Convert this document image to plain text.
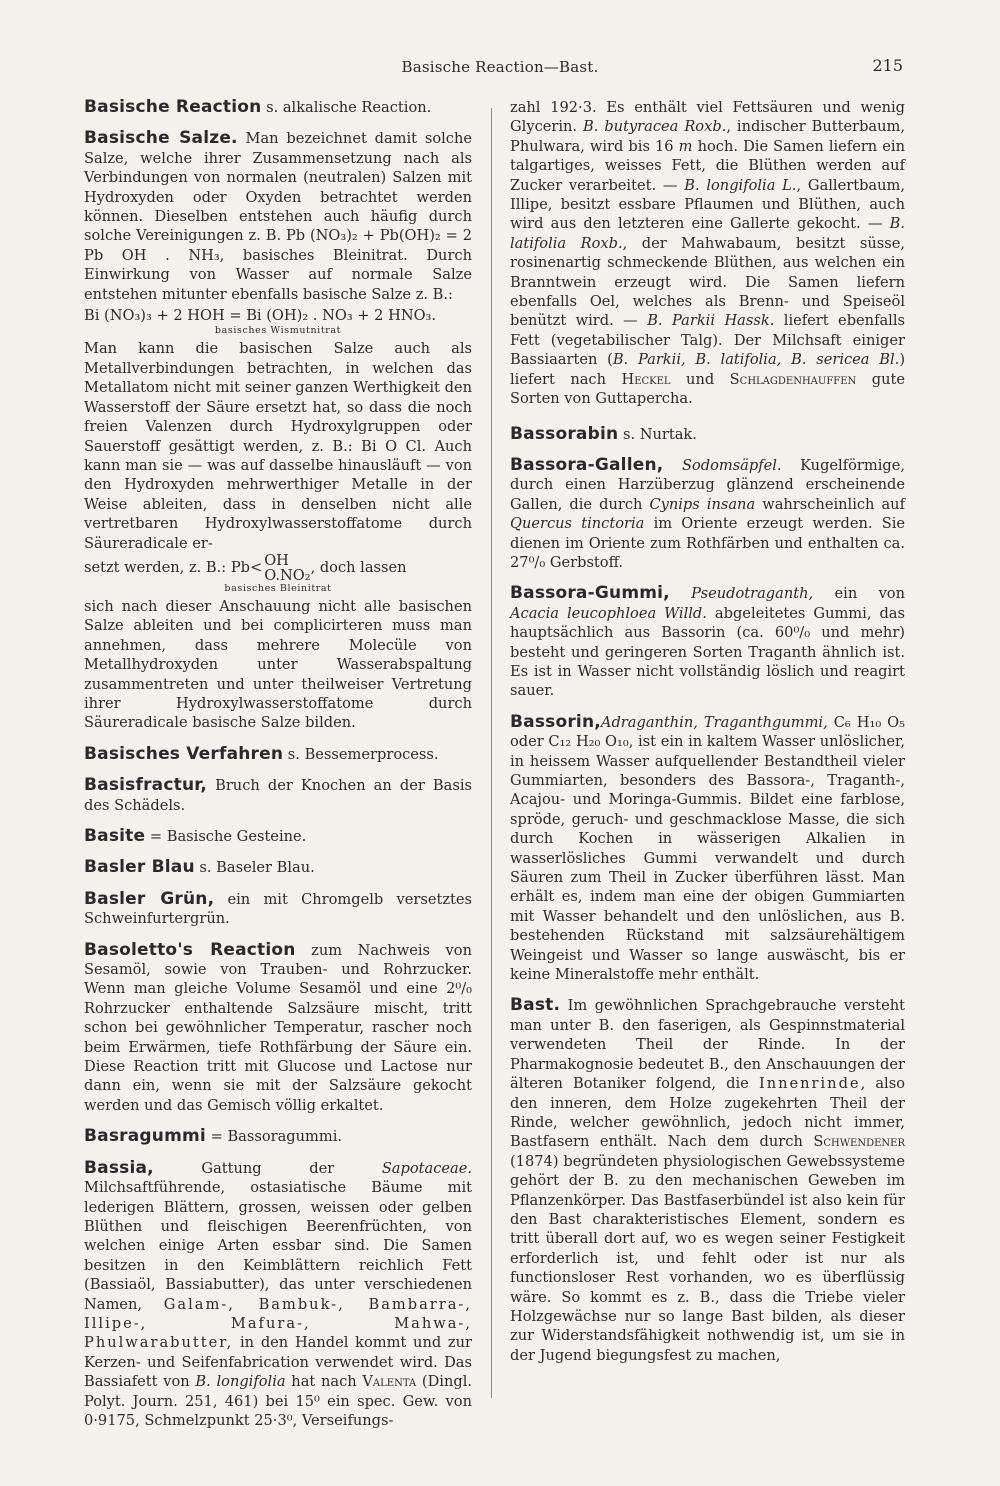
Basische Reaction—Bast.	215

Basische Reaction s. alkalische Reaction.

Basische Salze. Man bezeichnet damit solche Salze, welche ihrer Zusammensetzung nach als Verbindungen von normalen (neutralen) Salzen mit Hydroxyden oder Oxyden betrachtet werden können. Dieselben entstehen auch häufig durch solche Vereinigungen z. B. Pb (NO₃)₂ + Pb(OH)₂ = 2 Pb OH . NH₃, basisches Bleinitrat. Durch Einwirkung von Wasser auf normale Salze entstehen mitunter ebenfalls basische Salze z. B.:

Bi (NO₃)₃ + 2 HOH = Bi (OH)₂ . NO₃ + 2 HNO₃.
basisches Wismutnitrat

Man kann die basischen Salze auch als Metallverbindungen betrachten, in welchen das Metallatom nicht mit seiner ganzen Werthigkeit den Wasserstoff der Säure ersetzt hat, so dass die noch freien Valenzen durch Hydroxylgruppen oder Sauerstoff gesättigt werden, z. B.: Bi O Cl. Auch kann man sie — was auf dasselbe hinausläuft — von den Hydroxyden mehrwerthiger Metalle in der Weise ableiten, dass in denselben nicht alle vertretbaren Hydroxylwasserstoffatome durch Säureradicale er-

setzt werden, z. B.: Pb< OH
O.NO₂ , doch lassen
basisches Bleinitrat

sich nach dieser Anschauung nicht alle basischen Salze ableiten und bei complicirteren muss man annehmen, dass mehrere Molecüle von Metallhydroxyden unter Wasserabspaltung zusammentreten und unter theilweiser Vertretung ihrer Hydroxylwasserstoffatome durch Säureradicale basische Salze bilden.

Basisches Verfahren s. Bessemerprocess.

Basisfractur, Bruch der Knochen an der Basis des Schädels.

Basite = Basische Gesteine.

Basler Blau s. Baseler Blau.

Basler Grün, ein mit Chromgelb versetztes Schweinfurtergrün.

Basoletto's Reaction zum Nachweis von Sesamöl, sowie von Trauben- und Rohrzucker. Wenn man gleiche Volume Sesamöl und eine 2⁰/₀ Rohrzucker enthaltende Salzsäure mischt, tritt schon bei gewöhnlicher Temperatur, rascher noch beim Erwärmen, tiefe Rothfärbung der Säure ein. Diese Reaction tritt mit Glucose und Lactose nur dann ein, wenn sie mit der Salzsäure gekocht werden und das Gemisch völlig erkaltet.

Basragummi = Bassoragummi.

Bassia, Gattung der Sapotaceae. Milchsaftführende, ostasiatische Bäume mit lederigen Blättern, grossen, weissen oder gelben Blüthen und fleischigen Beerenfrüchten, von welchen einige Arten essbar sind. Die Samen besitzen in den Keimblättern reichlich Fett (Bassiaöl, Bassiabutter), das unter verschiedenen Namen, Galam-, Bambuk-, Bambarra-, Illipe-, Mafura-, Mahwa-, Phulwarabutter, in den Handel kommt und zur Kerzen- und Seifenfabrication verwendet wird. Das Bassiafett von B. longifolia hat nach Valenta (Dingl. Polyt. Journ. 251, 461) bei 15⁰ ein spec. Gew. von 0·9175, Schmelzpunkt 25·3⁰, Verseifungs-

zahl 192·3. Es enthält viel Fettsäuren und wenig Glycerin. B. butyracea Roxb., indischer Butterbaum, Phulwara, wird bis 16 m hoch. Die Samen liefern ein talgartiges, weisses Fett, die Blüthen werden auf Zucker verarbeitet. — B. longifolia L., Gallertbaum, Illipe, besitzt essbare Pflaumen und Blüthen, auch wird aus den letzteren eine Gallerte gekocht. — B. latifolia Roxb., der Mahwabaum, besitzt süsse, rosinenartig schmeckende Blüthen, aus welchen ein Branntwein erzeugt wird. Die Samen liefern ebenfalls Oel, welches als Brenn- und Speiseöl benützt wird. — B. Parkii Hassk. liefert ebenfalls Fett (vegetabilischer Talg). Der Milchsaft einiger Bassiaarten (B. Parkii, B. latifolia, B. sericea Bl.) liefert nach Heckel und Schlagdenhauffen gute Sorten von Guttapercha.

Bassorabin s. Nurtak.

Bassora-Gallen, Sodomsäpfel. Kugelförmige, durch einen Harzüberzug glänzend erscheinende Gallen, die durch Cynips insana wahrscheinlich auf Quercus tinctoria im Oriente erzeugt werden. Sie dienen im Oriente zum Rothfärben und enthalten ca. 27⁰/₀ Gerbstoff.

Bassora-Gummi, Pseudotraganth, ein von Acacia leucophloea Willd. abgeleitetes Gummi, das hauptsächlich aus Bassorin (ca. 60⁰/₀ und mehr) besteht und geringeren Sorten Traganth ähnlich ist. Es ist in Wasser nicht vollständig löslich und reagirt sauer.

Bassorin,Adraganthin, Traganthgummi, C₆ H₁₀ O₅ oder C₁₂ H₂₀ O₁₀, ist ein in kaltem Wasser unlöslicher, in heissem Wasser aufquellender Bestandtheil vieler Gummiarten, besonders des Bassora-, Traganth-, Acajou- und Moringa-Gummis. Bildet eine farblose, spröde, geruch- und geschmacklose Masse, die sich durch Kochen in wässerigen Alkalien in wasserlösliches Gummi verwandelt und durch Säuren zum Theil in Zucker überführen lässt. Man erhält es, indem man eine der obigen Gummiarten mit Wasser behandelt und den unlöslichen, aus B. bestehenden Rückstand mit salzsäurehältigem Weingeist und Wasser so lange auswäscht, bis er keine Mineralstoffe mehr enthält.

Bast. Im gewöhnlichen Sprachgebrauche versteht man unter B. den faserigen, als Gespinnstmaterial verwendeten Theil der Rinde. In der Pharmakognosie bedeutet B., den Anschauungen der älteren Botaniker folgend, die Innenrinde, also den inneren, dem Holze zugekehrten Theil der Rinde, welcher gewöhnlich, jedoch nicht immer, Bastfasern enthält. Nach dem durch Schwendener (1874) begründeten physiologischen Gewebssysteme gehört der B. zu den mechanischen Geweben im Pflanzenkörper. Das Bastfaserbündel ist also kein für den Bast charakteristisches Element, sondern es tritt überall dort auf, wo es wegen seiner Festigkeit erforderlich ist, und fehlt oder ist nur als functionsloser Rest vorhanden, wo es überflüssig wäre. So kommt es z. B., dass die Triebe vieler Holzgewächse nur so lange Bast bilden, als dieser zur Widerstandsfähigkeit nothwendig ist, um sie in der Jugend biegungsfest zu machen,
